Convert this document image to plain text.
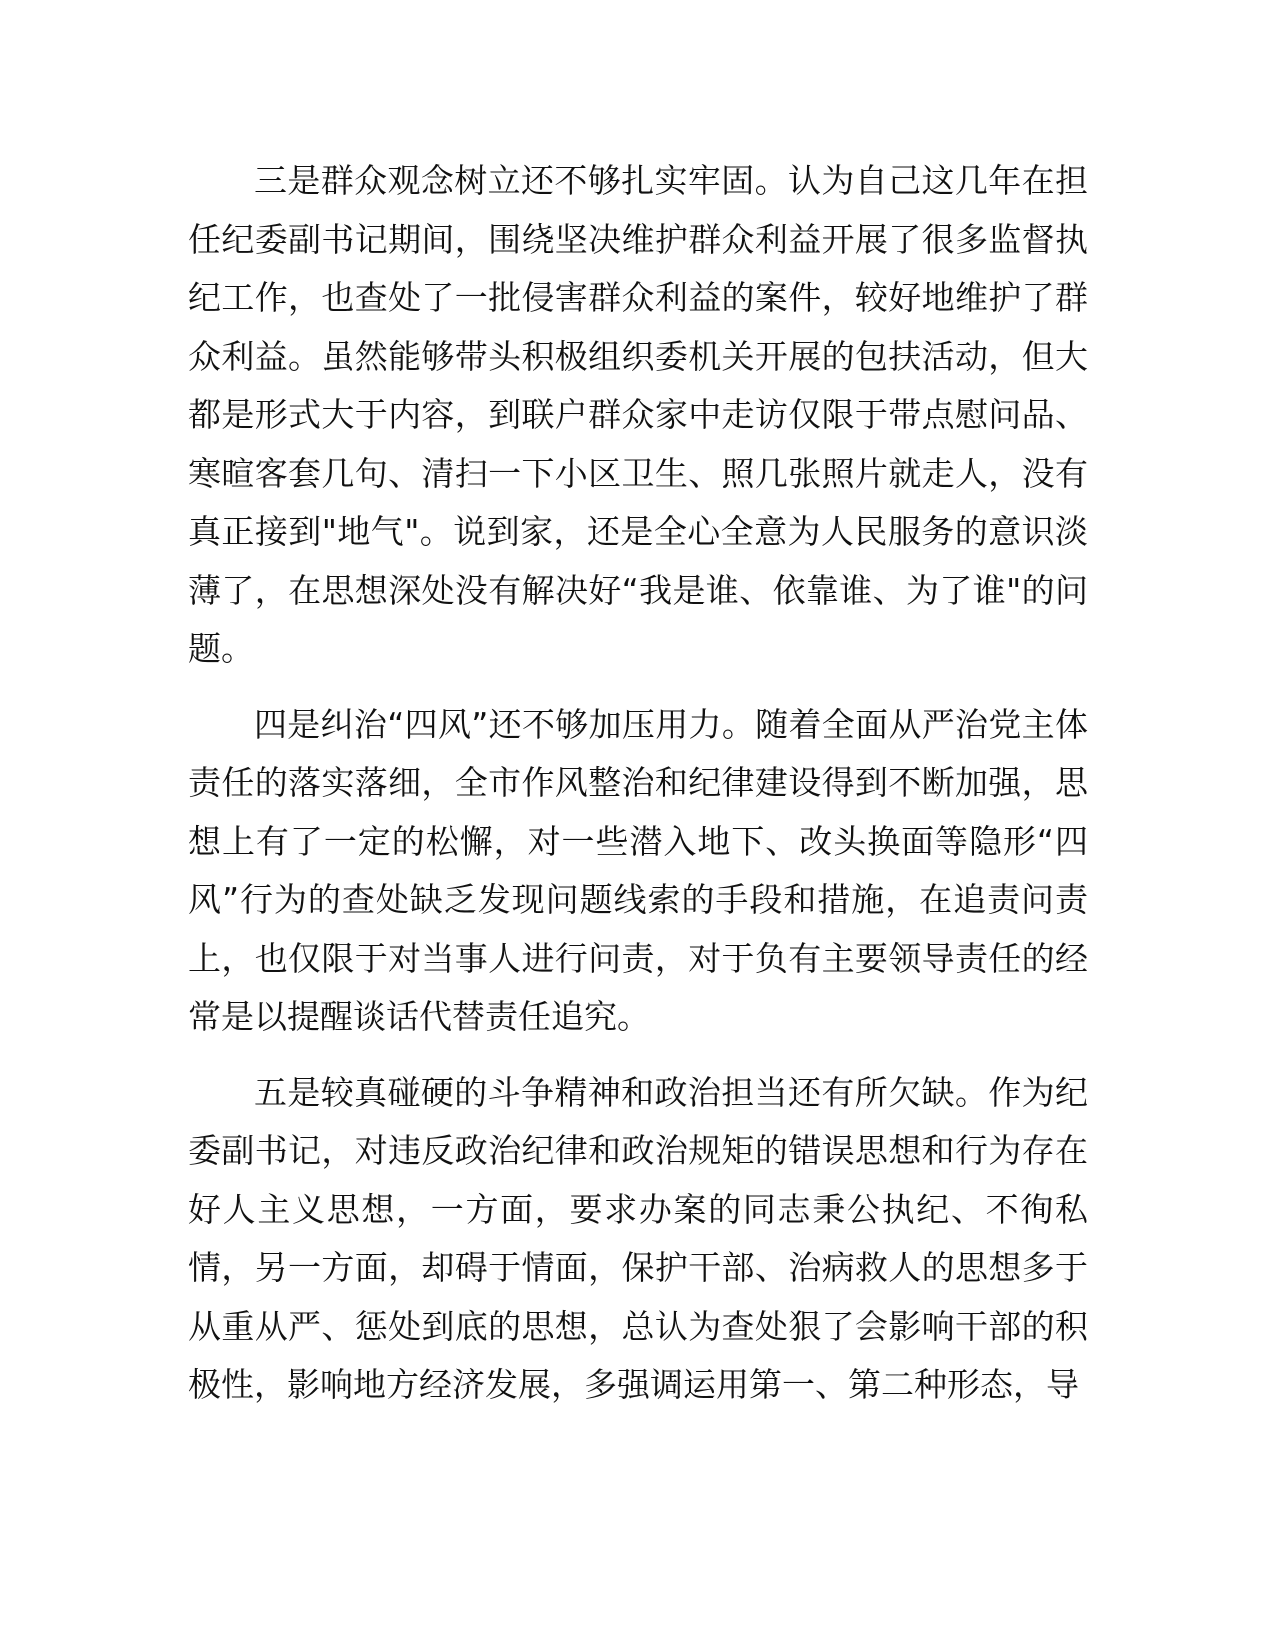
三是群众观念树立还不够扎实牢固。认为自己这几年在担任纪委副书记期间，围绕坚决维护群众利益开展了很多监督执纪工作，也查处了一批侵害群众利益的案件，较好地维护了群众利益。虽然能够带头积极组织委机关开展的包扶活动，但大都是形式大于内容，到联户群众家中走访仅限于带点慰问品、寒暄客套几句、清扫一下小区卫生、照几张照片就走人，没有真正接到"地气"。说到家，还是全心全意为人民服务的意识淡薄了，在思想深处没有解决好“我是谁、依靠谁、为了谁"的问题。

四是纠治“四风”还不够加压用力。随着全面从严治党主体责任的落实落细，全市作风整治和纪律建设得到不断加强，思想上有了一定的松懈，对一些潜入地下、改头换面等隐形“四风”行为的查处缺乏发现问题线索的手段和措施，在追责问责上，也仅限于对当事人进行问责，对于负有主要领导责任的经常是以提醒谈话代替责任追究。

五是较真碰硬的斗争精神和政治担当还有所欠缺。作为纪委副书记，对违反政治纪律和政治规矩的错误思想和行为存在好人主义思想，一方面，要求办案的同志秉公执纪、不徇私情，另一方面，却碍于情面，保护干部、治病救人的思想多于从重从严、惩处到底的思想，总认为查处狠了会影响干部的积极性，影响地方经济发展，多强调运用第一、第二种形态，导
